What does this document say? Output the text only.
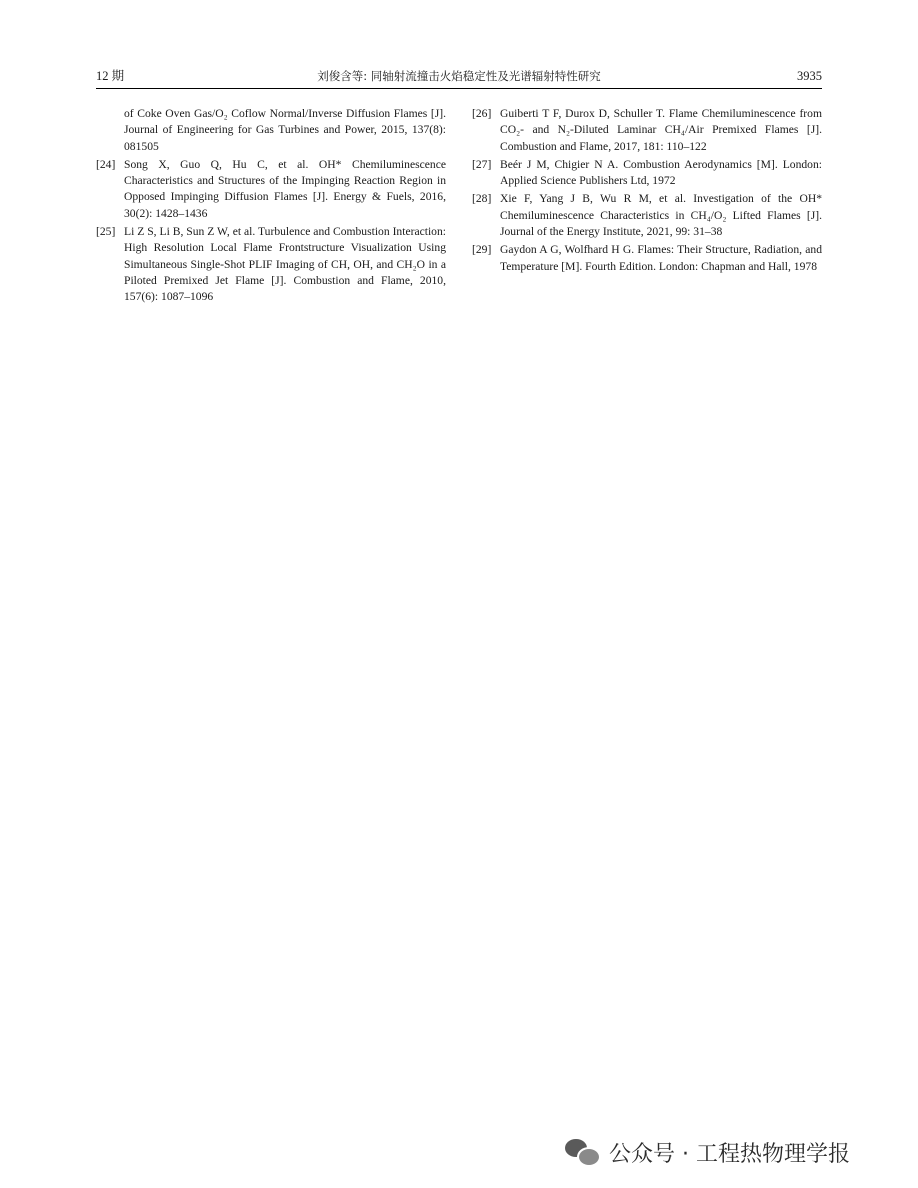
12 期	刘俊含等: 同轴射流撞击火焰稳定性及光谱辐射特性研究	3935
of Coke Oven Gas/O₂ Coflow Normal/Inverse Diffusion Flames [J]. Journal of Engineering for Gas Turbines and Power, 2015, 137(8): 081505
[24] Song X, Guo Q, Hu C, et al. OH* Chemiluminescence Characteristics and Structures of the Impinging Reaction Region in Opposed Impinging Diffusion Flames [J]. Energy & Fuels, 2016, 30(2): 1428–1436
[25] Li Z S, Li B, Sun Z W, et al. Turbulence and Combustion Interaction: High Resolution Local Flame Frontstructure Visualization Using Simultaneous Single-Shot PLIF Imaging of CH, OH, and CH₂O in a Piloted Premixed Jet Flame [J]. Combustion and Flame, 2010, 157(6): 1087–1096
[26] Guiberti T F, Durox D, Schuller T. Flame Chemiluminescence from CO₂- and N₂-Diluted Laminar CH₄/Air Premixed Flames [J]. Combustion and Flame, 2017, 181: 110–122
[27] Beér J M, Chigier N A. Combustion Aerodynamics [M]. London: Applied Science Publishers Ltd, 1972
[28] Xie F, Yang J B, Wu R M, et al. Investigation of the OH* Chemiluminescence Characteristics in CH₄/O₂ Lifted Flames [J]. Journal of the Energy Institute, 2021, 99: 31–38
[29] Gaydon A G, Wolfhard H G. Flames: Their Structure, Radiation, and Temperature [M]. Fourth Edition. London: Chapman and Hall, 1978
公众号 · 工程热物理学报
